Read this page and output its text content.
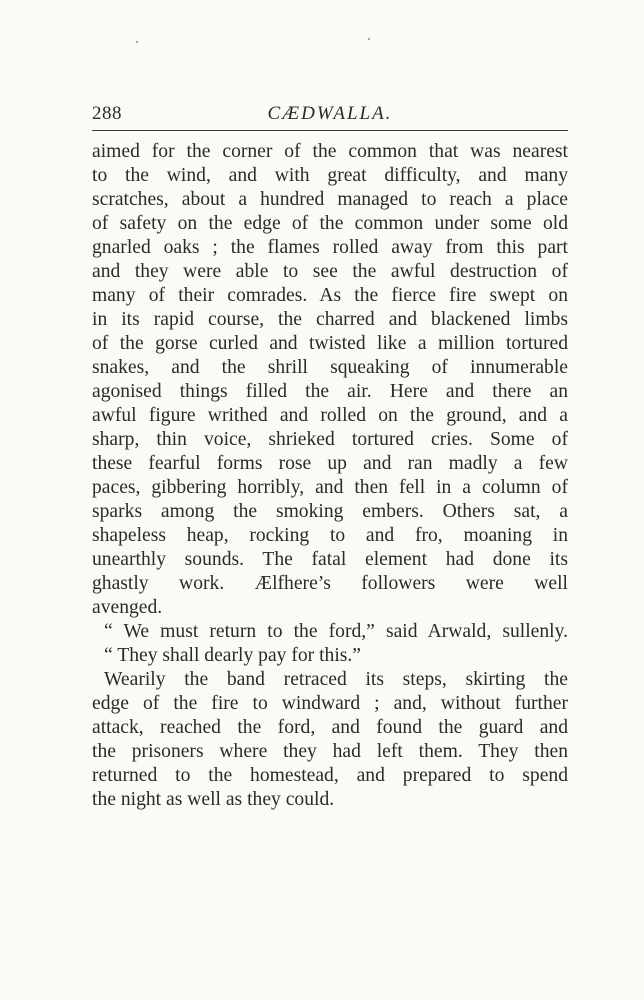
288	CÆDWALLA.
aimed for the corner of the common that was nearest
to the wind, and with great difficulty, and many
scratches, about a hundred managed to reach a place
of safety on the edge of the common under some old
gnarled oaks ; the flames rolled away from this part
and they were able to see the awful destruction of
many of their comrades. As the fierce fire swept on
in its rapid course, the charred and blackened limbs
of the gorse curled and twisted like a million tortured
snakes, and the shrill squeaking of innumerable
agonised things filled the air. Here and there an
awful figure writhed and rolled on the ground, and a
sharp, thin voice, shrieked tortured cries. Some of
these fearful forms rose up and ran madly a few
paces, gibbering horribly, and then fell in a column of
sparks among the smoking embers. Others sat, a
shapeless heap, rocking to and fro, moaning in
unearthly sounds. The fatal element had done its
ghastly work. Ælfhere’s followers were well
avenged.
“ We must return to the ford,” said Arwald, sullenly.
“ They shall dearly pay for this.”
Wearily the band retraced its steps, skirting the
edge of the fire to windward ; and, without further
attack, reached the ford, and found the guard and
the prisoners where they had left them. They then
returned to the homestead, and prepared to spend
the night as well as they could.
